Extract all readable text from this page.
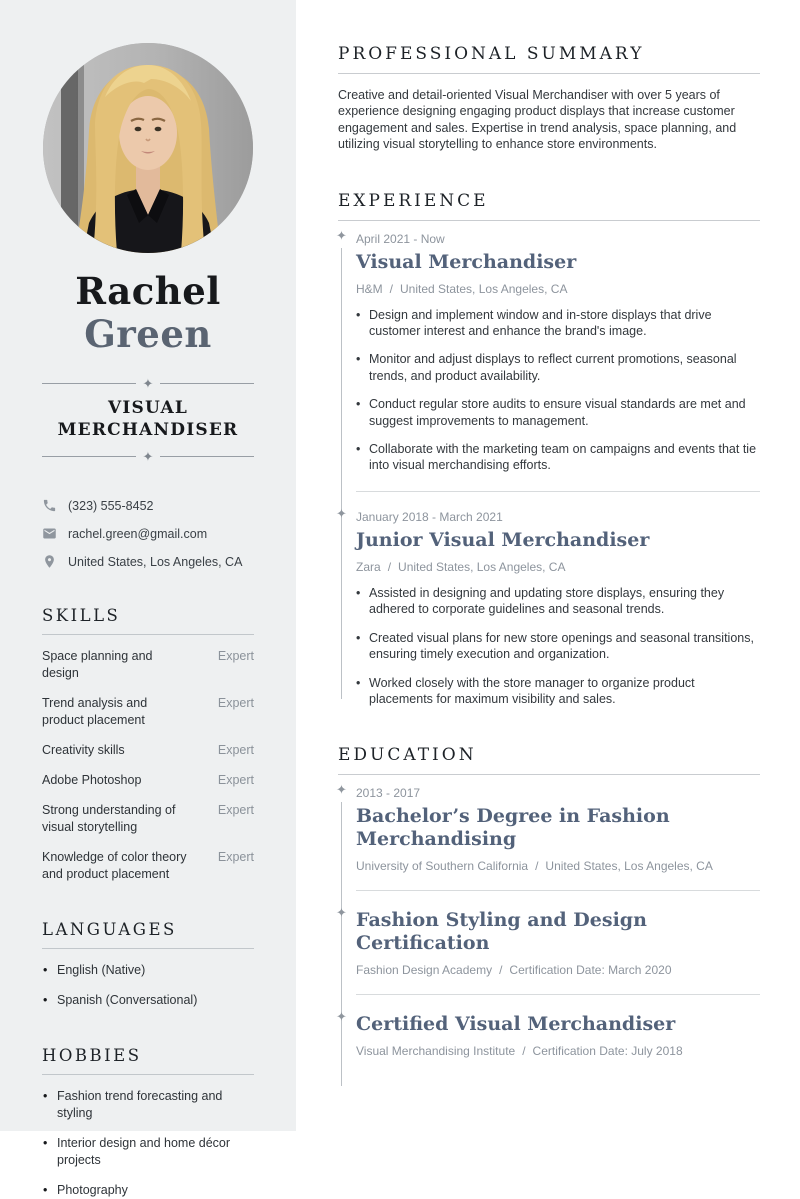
Rachel
Green
✦
VISUAL
MERCHANDISER
✦
(323) 555-8452
rachel.green@gmail.com
United States, Los Angeles, CA
SKILLS
Space planning and design
Expert
Trend analysis and product placement
Expert
Creativity skills	Expert
Adobe Photoshop	Expert
Strong understanding of visual storytelling
Expert
Knowledge of color theory and product placement
Expert
LANGUAGES
• English (Native)
• Spanish (Conversational)
HOBBIES
• Fashion trend forecasting and styling
• Interior design and home décor projects
• Photography
PROFESSIONAL SUMMARY

Creative and detail-oriented Visual Merchandiser with over 5 years of experience designing engaging product displays that increase customer engagement and sales. Expertise in trend analysis, space planning, and utilizing visual storytelling to enhance store environments.

EXPERIENCE
✦ April 2021 - Now
Visual Merchandiser
H&M / United States, Los Angeles, CA
• Design and implement window and in-store displays that drive customer interest and enhance the brand's image.
• Monitor and adjust displays to reflect current promotions, seasonal trends, and product availability.
• Conduct regular store audits to ensure visual standards are met and suggest improvements to management.
• Collaborate with the marketing team on campaigns and events that tie into visual merchandising efforts.
✦ January 2018 - March 2021
Junior Visual Merchandiser
Zara / United States, Los Angeles, CA
• Assisted in designing and updating store displays, ensuring they adhered to corporate guidelines and seasonal trends.
• Created visual plans for new store openings and seasonal transitions, ensuring timely execution and organization.
• Worked closely with the store manager to organize product placements for maximum visibility and sales.
EDUCATION
✦ 2013 - 2017
Bachelor’s Degree in Fashion Merchandising
University of Southern California / United States, Los Angeles, CA
✦ Fashion Styling and Design Certification
Fashion Design Academy / Certification Date: March 2020
✦ Certified Visual Merchandiser
Visual Merchandising Institute / Certification Date: July 2018
